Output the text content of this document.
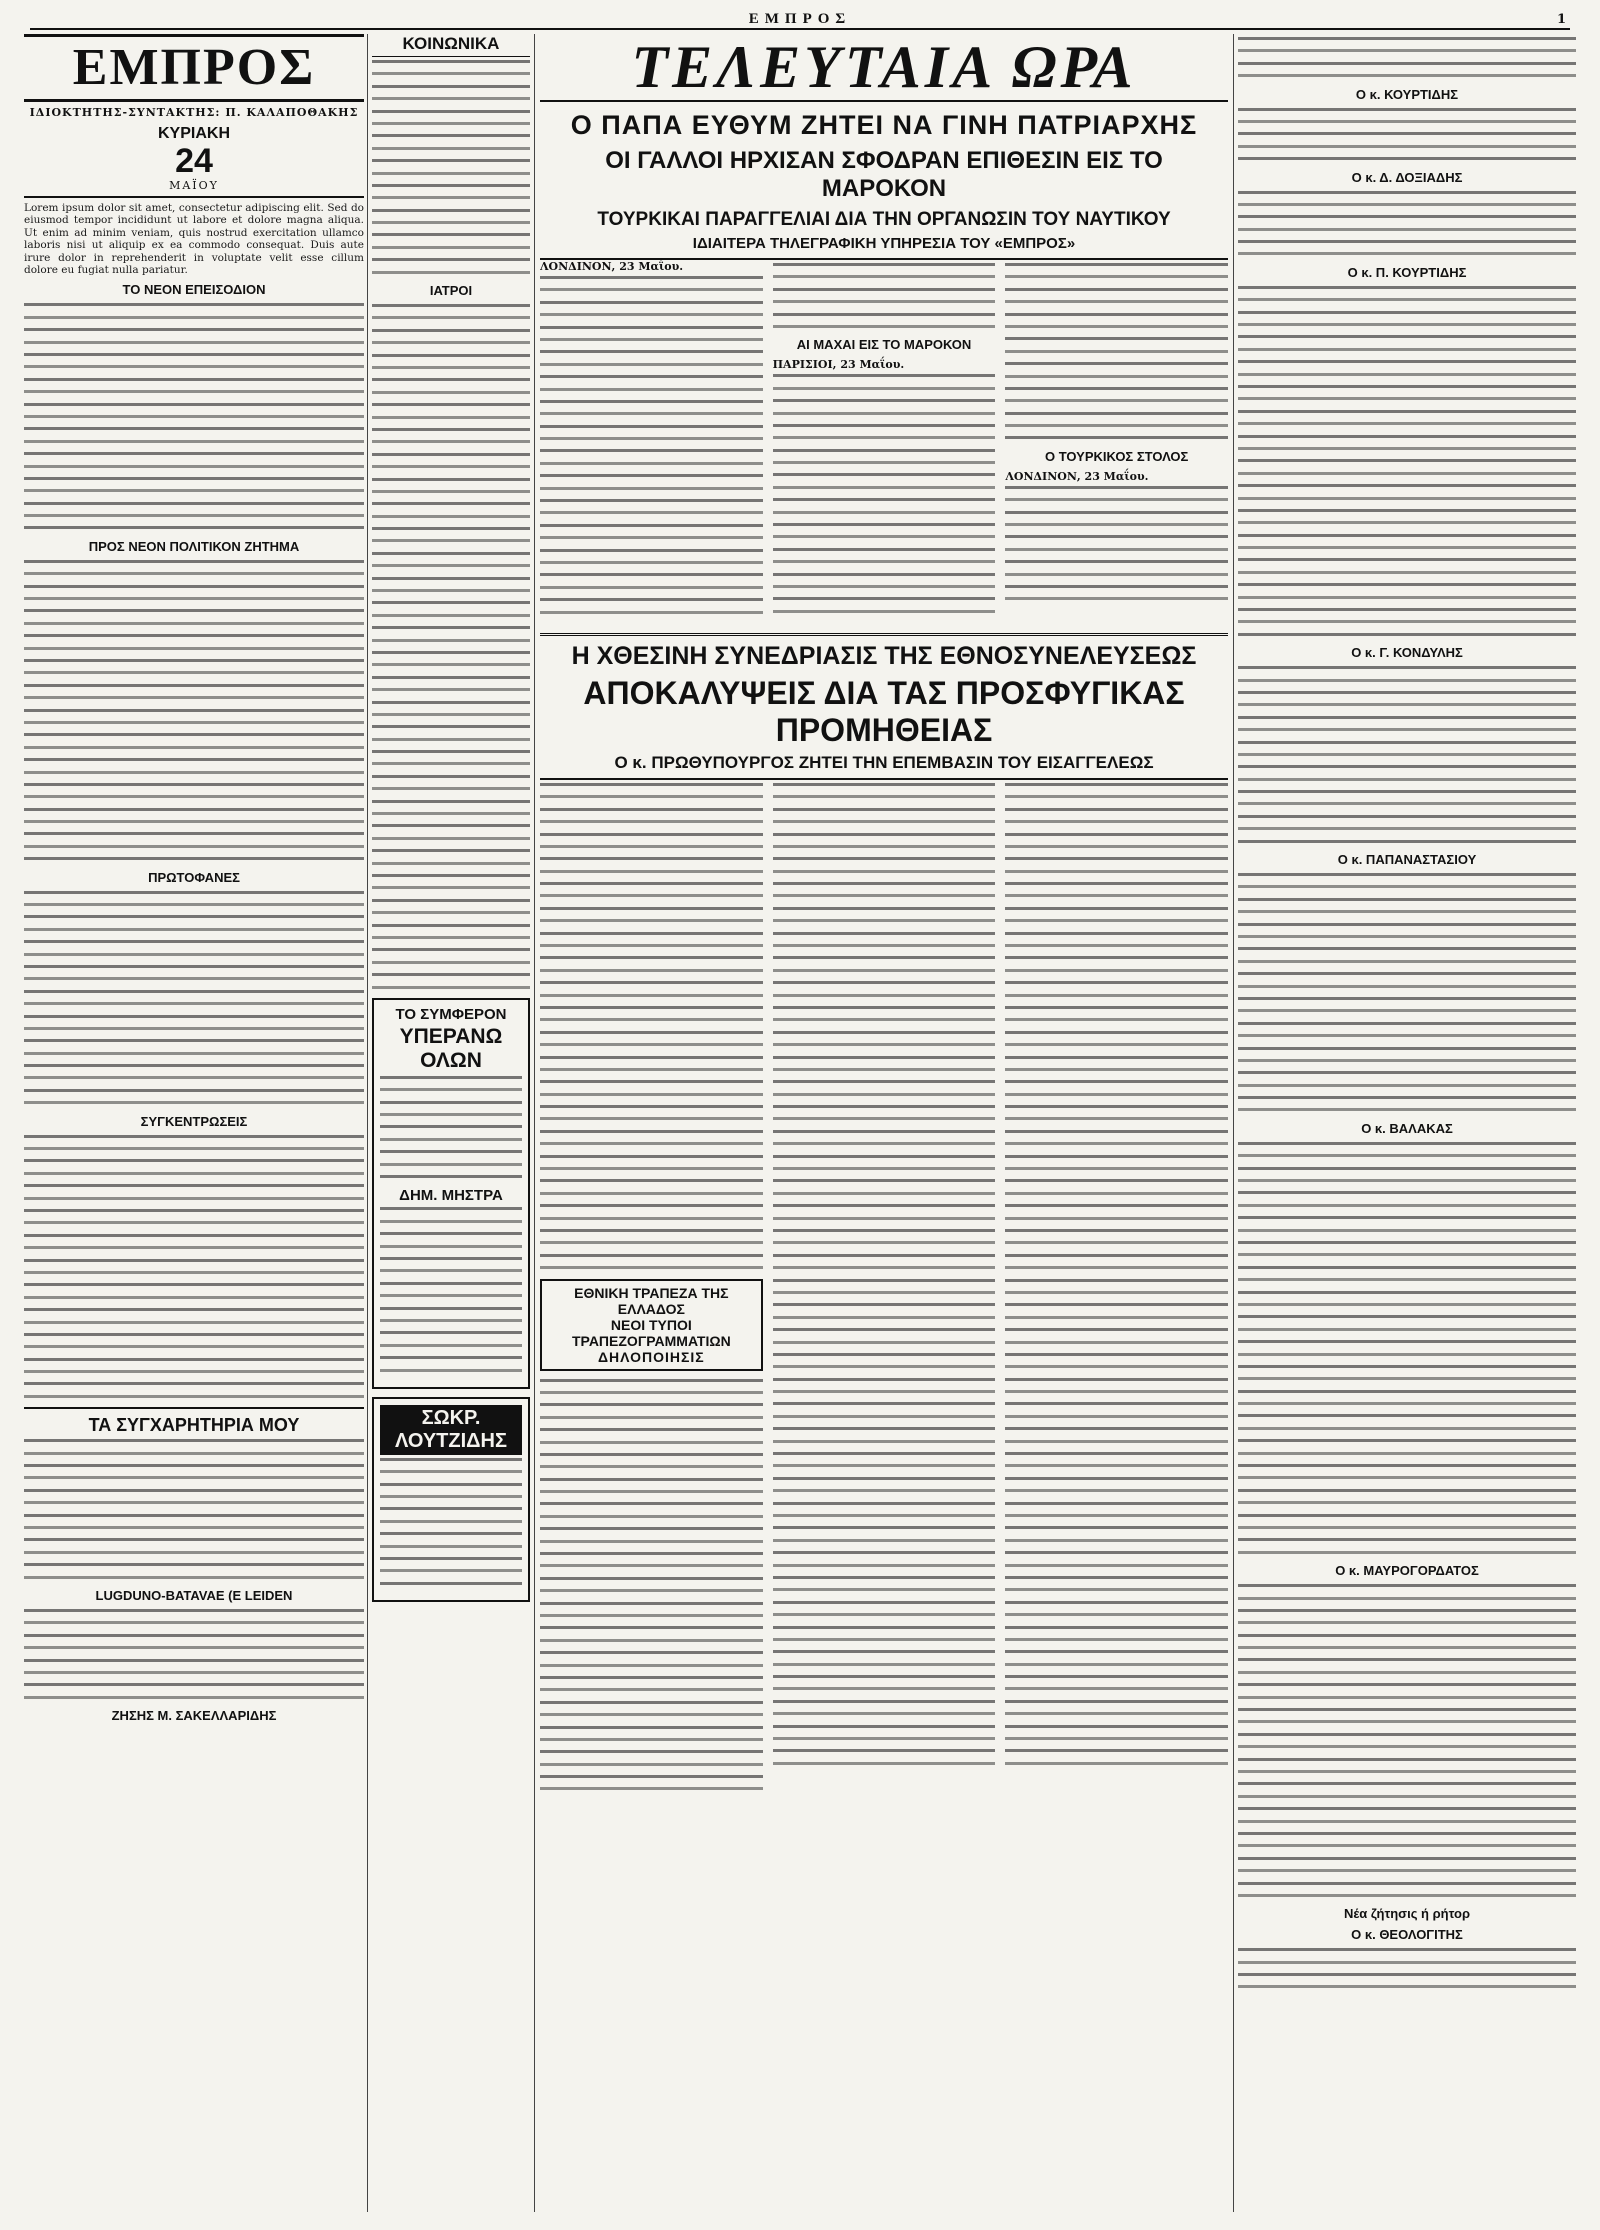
ΕΜΠΡΟΣ	1
ΕΜΠΡΟΣ
ΙΔΙΟΚΤΗΤΗΣ-ΣΥΝΤΑΚΤΗΣ: Π. ΚΑΛΑΠΟΘΑΚΗΣ
ΚΥΡΙΑΚΗ
24
ΜΑΪΟΥ
Lorem ipsum dolor sit amet, consectetur adipiscing elit. Sed do eiusmod tempor incididunt ut labore et dolore magna aliqua. Ut enim ad minim veniam, quis nostrud exercitation ullamco laboris nisi ut aliquip ex ea commodo consequat. Duis aute irure dolor in reprehenderit in voluptate velit esse cillum dolore eu fugiat nulla pariatur.
ΤΟ ΝΕΟΝ ΕΠΕΙΣΟΔΙΟΝ
ΠΡΟΣ ΝΕΟΝ ΠΟΛΙΤΙΚΟΝ ΖΗΤΗΜΑ
ΠΡΩΤΟΦΑΝΕΣ
ΣΥΓΚΕΝΤΡΩΣΕΙΣ
ΤΑ ΣΥΓΧΑΡΗΤΗΡΙΑ ΜΟΥ
LUGDUNO-BATAVAE (E LEIDEN
ΖΗΣΗΣ Μ. ΣΑΚΕΛΛΑΡΙΔΗΣ
ΚΟΙΝΩΝΙΚΑ
ΙΑΤΡΟΙ
ΤΟ ΣΥΜΦΕΡΟΝ
ΥΠΕΡΑΝΩ ΟΛΩΝ
ΔΗΜ. ΜΗΣΤΡΑ
ΣΩΚΡ. ΛΟΥΤΖΙΔΗΣ
ΤΕΛΕΥΤΑΙΑ ΩΡΑ
Ο ΠΑΠΑ ΕΥΘΥΜ ΖΗΤΕΙ ΝΑ ΓΙΝΗ ΠΑΤΡΙΑΡΧΗΣ
ΟΙ ΓΑΛΛΟΙ ΗΡΧΙΣΑΝ ΣΦΟΔΡΑΝ ΕΠΙΘΕΣΙΝ ΕΙΣ ΤΟ ΜΑΡΟΚΟΝ
ΤΟΥΡΚΙΚΑΙ ΠΑΡΑΓΓΕΛΙΑΙ ΔΙΑ ΤΗΝ ΟΡΓΑΝΩΣΙΝ ΤΟΥ ΝΑΥΤΙΚΟΥ
ΙΔΙΑΙΤΕΡΑ ΤΗΛΕΓΡΑΦΙΚΗ ΥΠΗΡΕΣΙΑ ΤΟΥ «ΕΜΠΡΟΣ»
ΛΟΝΔΙΝΟΝ, 23 Μαΐου.
ΑΙ ΜΑΧΑΙ ΕΙΣ ΤΟ ΜΑΡΟΚΟΝ
ΠΑΡΙΣΙΟΙ, 23 Μαΐου.
Ο ΤΟΥΡΚΙΚΟΣ ΣΤΟΛΟΣ
ΛΟΝΔΙΝΟΝ, 23 Μαΐου.
Η ΧΘΕΣΙΝΗ ΣΥΝΕΔΡΙΑΣΙΣ ΤΗΣ ΕΘΝΟΣΥΝΕΛΕΥΣΕΩΣ
ΑΠΟΚΑΛΥΨΕΙΣ ΔΙΑ ΤΑΣ ΠΡΟΣΦΥΓΙΚΑΣ ΠΡΟΜΗΘΕΙΑΣ
Ο κ. ΠΡΩΘΥΠΟΥΡΓΟΣ ΖΗΤΕΙ ΤΗΝ ΕΠΕΜΒΑΣΙΝ ΤΟΥ ΕΙΣΑΓΓΕΛΕΩΣ
ΕΘΝΙΚΗ ΤΡΑΠΕΖΑ ΤΗΣ ΕΛΛΑΔΟΣ
ΝΕΟΙ ΤΥΠΟΙ ΤΡΑΠΕΖΟΓΡΑΜΜΑΤΙΩΝ
ΔΗΛΟΠΟΙΗΣΙΣ
Ο κ. ΚΟΥΡΤΙΔΗΣ
Ο κ. Δ. ΔΟΞΙΑΔΗΣ
Ο κ. Π. ΚΟΥΡΤΙΔΗΣ
Ο κ. Γ. ΚΟΝΔΥΛΗΣ
Ο κ. ΠΑΠΑΝΑΣΤΑΣΙΟΥ
Ο κ. ΒΑΛΑΚΑΣ
Ο κ. ΜΑΥΡΟΓΟΡΔΑΤΟΣ
Νέα ζήτησις ή ρήτορ
Ο κ. ΘΕΟΛΟΓΙΤΗΣ
